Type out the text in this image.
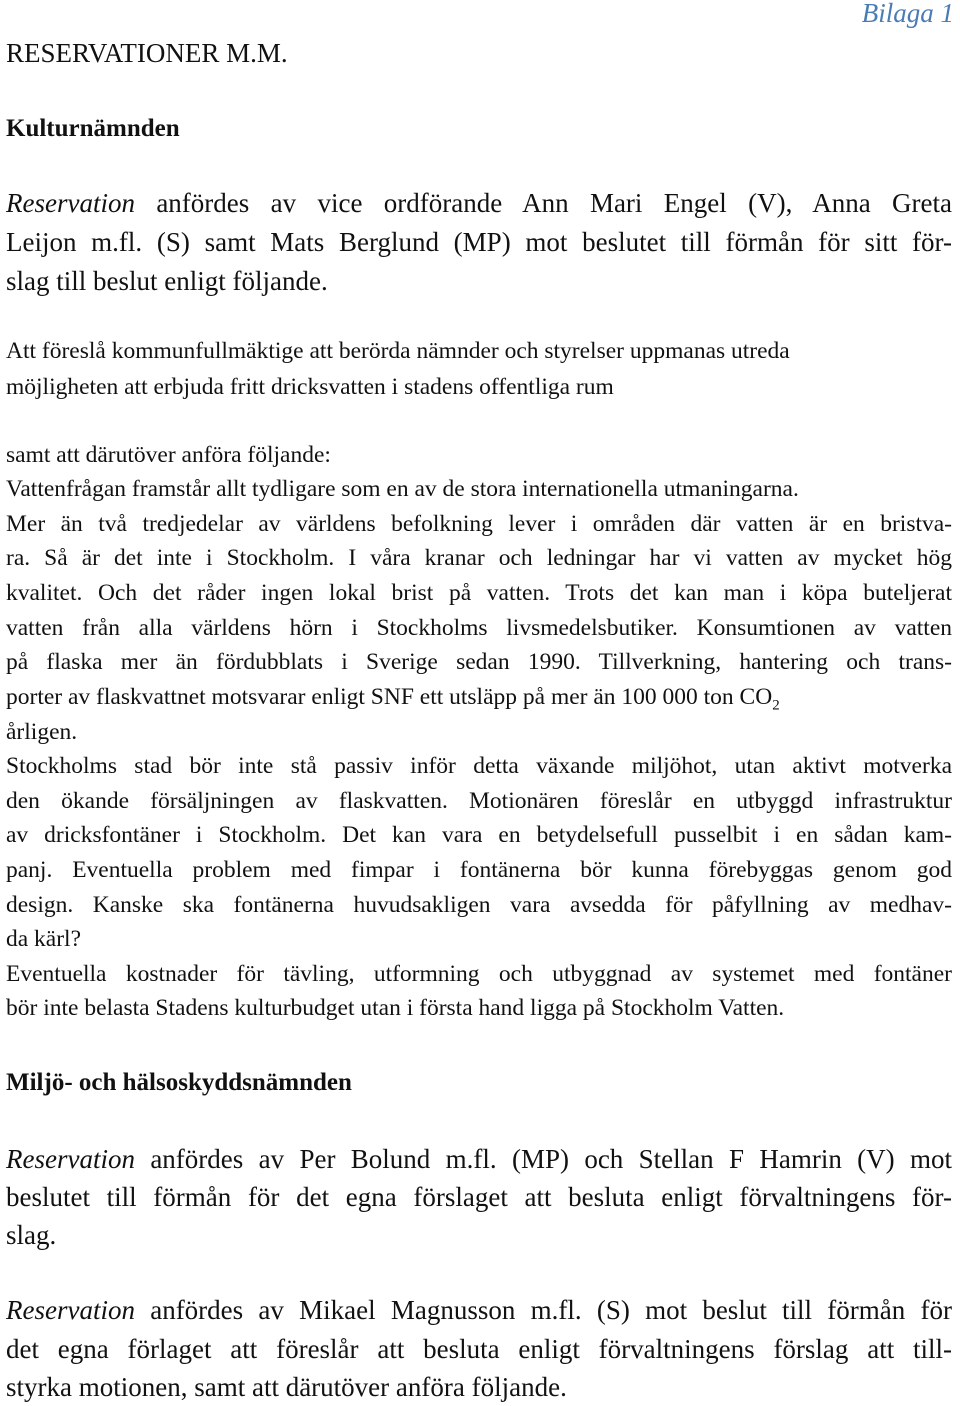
Bilaga 1
RESERVATIONER M.M.
Kulturnämnden
Reservation anfördes av vice ordförande Ann Mari Engel (V), Anna Greta
Leijon m.fl. (S) samt Mats Berglund (MP) mot beslutet till förmån för sitt för-
slag till beslut enligt följande.
Att föreslå kommunfullmäktige att berörda nämnder och styrelser uppmanas utreda
möjligheten att erbjuda fritt dricksvatten i stadens offentliga rum
samt att därutöver anföra följande:
Vattenfrågan framstår allt tydligare som en av de stora internationella utmaningarna.
Mer än två tredjedelar av världens befolkning lever i områden där vatten är en bristva-
ra. Så är det inte i Stockholm. I våra kranar och ledningar har vi vatten av mycket hög
kvalitet. Och det råder ingen lokal brist på vatten. Trots det kan man i köpa buteljerat
vatten från alla världens hörn i Stockholms livsmedelsbutiker. Konsumtionen av vatten
på flaska mer än fördubblats i Sverige sedan 1990. Tillverkning, hantering och trans-
porter av flaskvattnet motsvarar enligt SNF ett utsläpp på mer än 100 000 ton $CO_2$
årligen.
Stockholms stad bör inte stå passiv inför detta växande miljöhot, utan aktivt motverka
den ökande försäljningen av flaskvatten. Motionären föreslår en utbyggd infrastruktur
av dricksfontäner i Stockholm. Det kan vara en betydelsefull pusselbit i en sådan kam-
panj. Eventuella problem med fimpar i fontänerna bör kunna förebyggas genom god
design. Kanske ska fontänerna huvudsakligen vara avsedda för påfyllning av medhav-
da kärl?
Eventuella kostnader för tävling, utformning och utbyggnad av systemet med fontäner
bör inte belasta Stadens kulturbudget utan i första hand ligga på Stockholm Vatten.
Miljö- och hälsoskyddsnämnden
Reservation anfördes av Per Bolund m.fl. (MP) och Stellan F Hamrin (V) mot
beslutet till förmån för det egna förslaget att besluta enligt förvaltningens för-
slag.
Reservation anfördes av Mikael Magnusson m.fl. (S) mot beslut till förmån för
det egna förlaget att föreslår att besluta enligt förvaltningens förslag att till-
styrka motionen, samt att därutöver anföra följande.
